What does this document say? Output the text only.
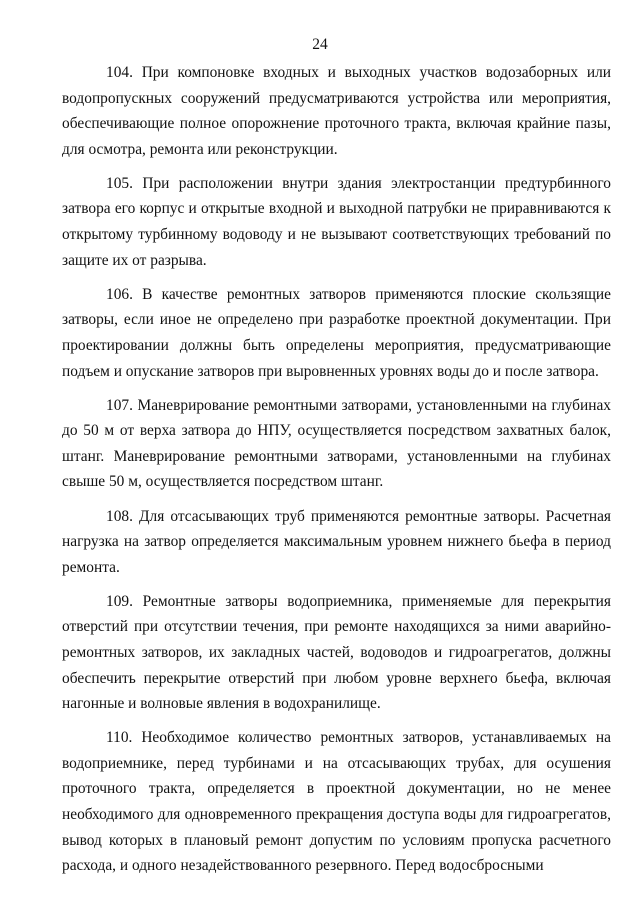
24

104. При компоновке входных и выходных участков водозаборных или водопропускных сооружений предусматриваются устройства или мероприятия, обеспечивающие полное опорожнение проточного тракта, включая крайние пазы, для осмотра, ремонта или реконструкции.

105. При расположении внутри здания электростанции предтурбинного затвора его корпус и открытые входной и выходной патрубки не приравниваются к открытому турбинному водоводу и не вызывают соответствующих требований по защите их от разрыва.

106. В качестве ремонтных затворов применяются плоские скользящие затворы, если иное не определено при разработке проектной документации. При проектировании должны быть определены мероприятия, предусматривающие подъем и опускание затворов при выровненных уровнях воды до и после затвора.

107. Маневрирование ремонтными затворами, установленными на глубинах до 50 м от верха затвора до НПУ, осуществляется посредством захватных балок, штанг. Маневрирование ремонтными затворами, установленными на глубинах свыше 50 м, осуществляется посредством штанг.

108. Для отсасывающих труб применяются ремонтные затворы. Расчетная нагрузка на затвор определяется максимальным уровнем нижнего бьефа в период ремонта.

109. Ремонтные затворы водоприемника, применяемые для перекрытия отверстий при отсутствии течения, при ремонте находящихся за ними аварийно-ремонтных затворов, их закладных частей, водоводов и гидроагрегатов, должны обеспечить перекрытие отверстий при любом уровне верхнего бьефа, включая нагонные и волновые явления в водохранилище.

110. Необходимое количество ремонтных затворов, устанавливаемых на водоприемнике, перед турбинами и на отсасывающих трубах, для осушения проточного тракта, определяется в проектной документации, но не менее необходимого для одновременного прекращения доступа воды для гидроагрегатов, вывод которых в плановый ремонт допустим по условиям пропуска расчетного расхода, и одного незадействованного резервного. Перед водосбросными
